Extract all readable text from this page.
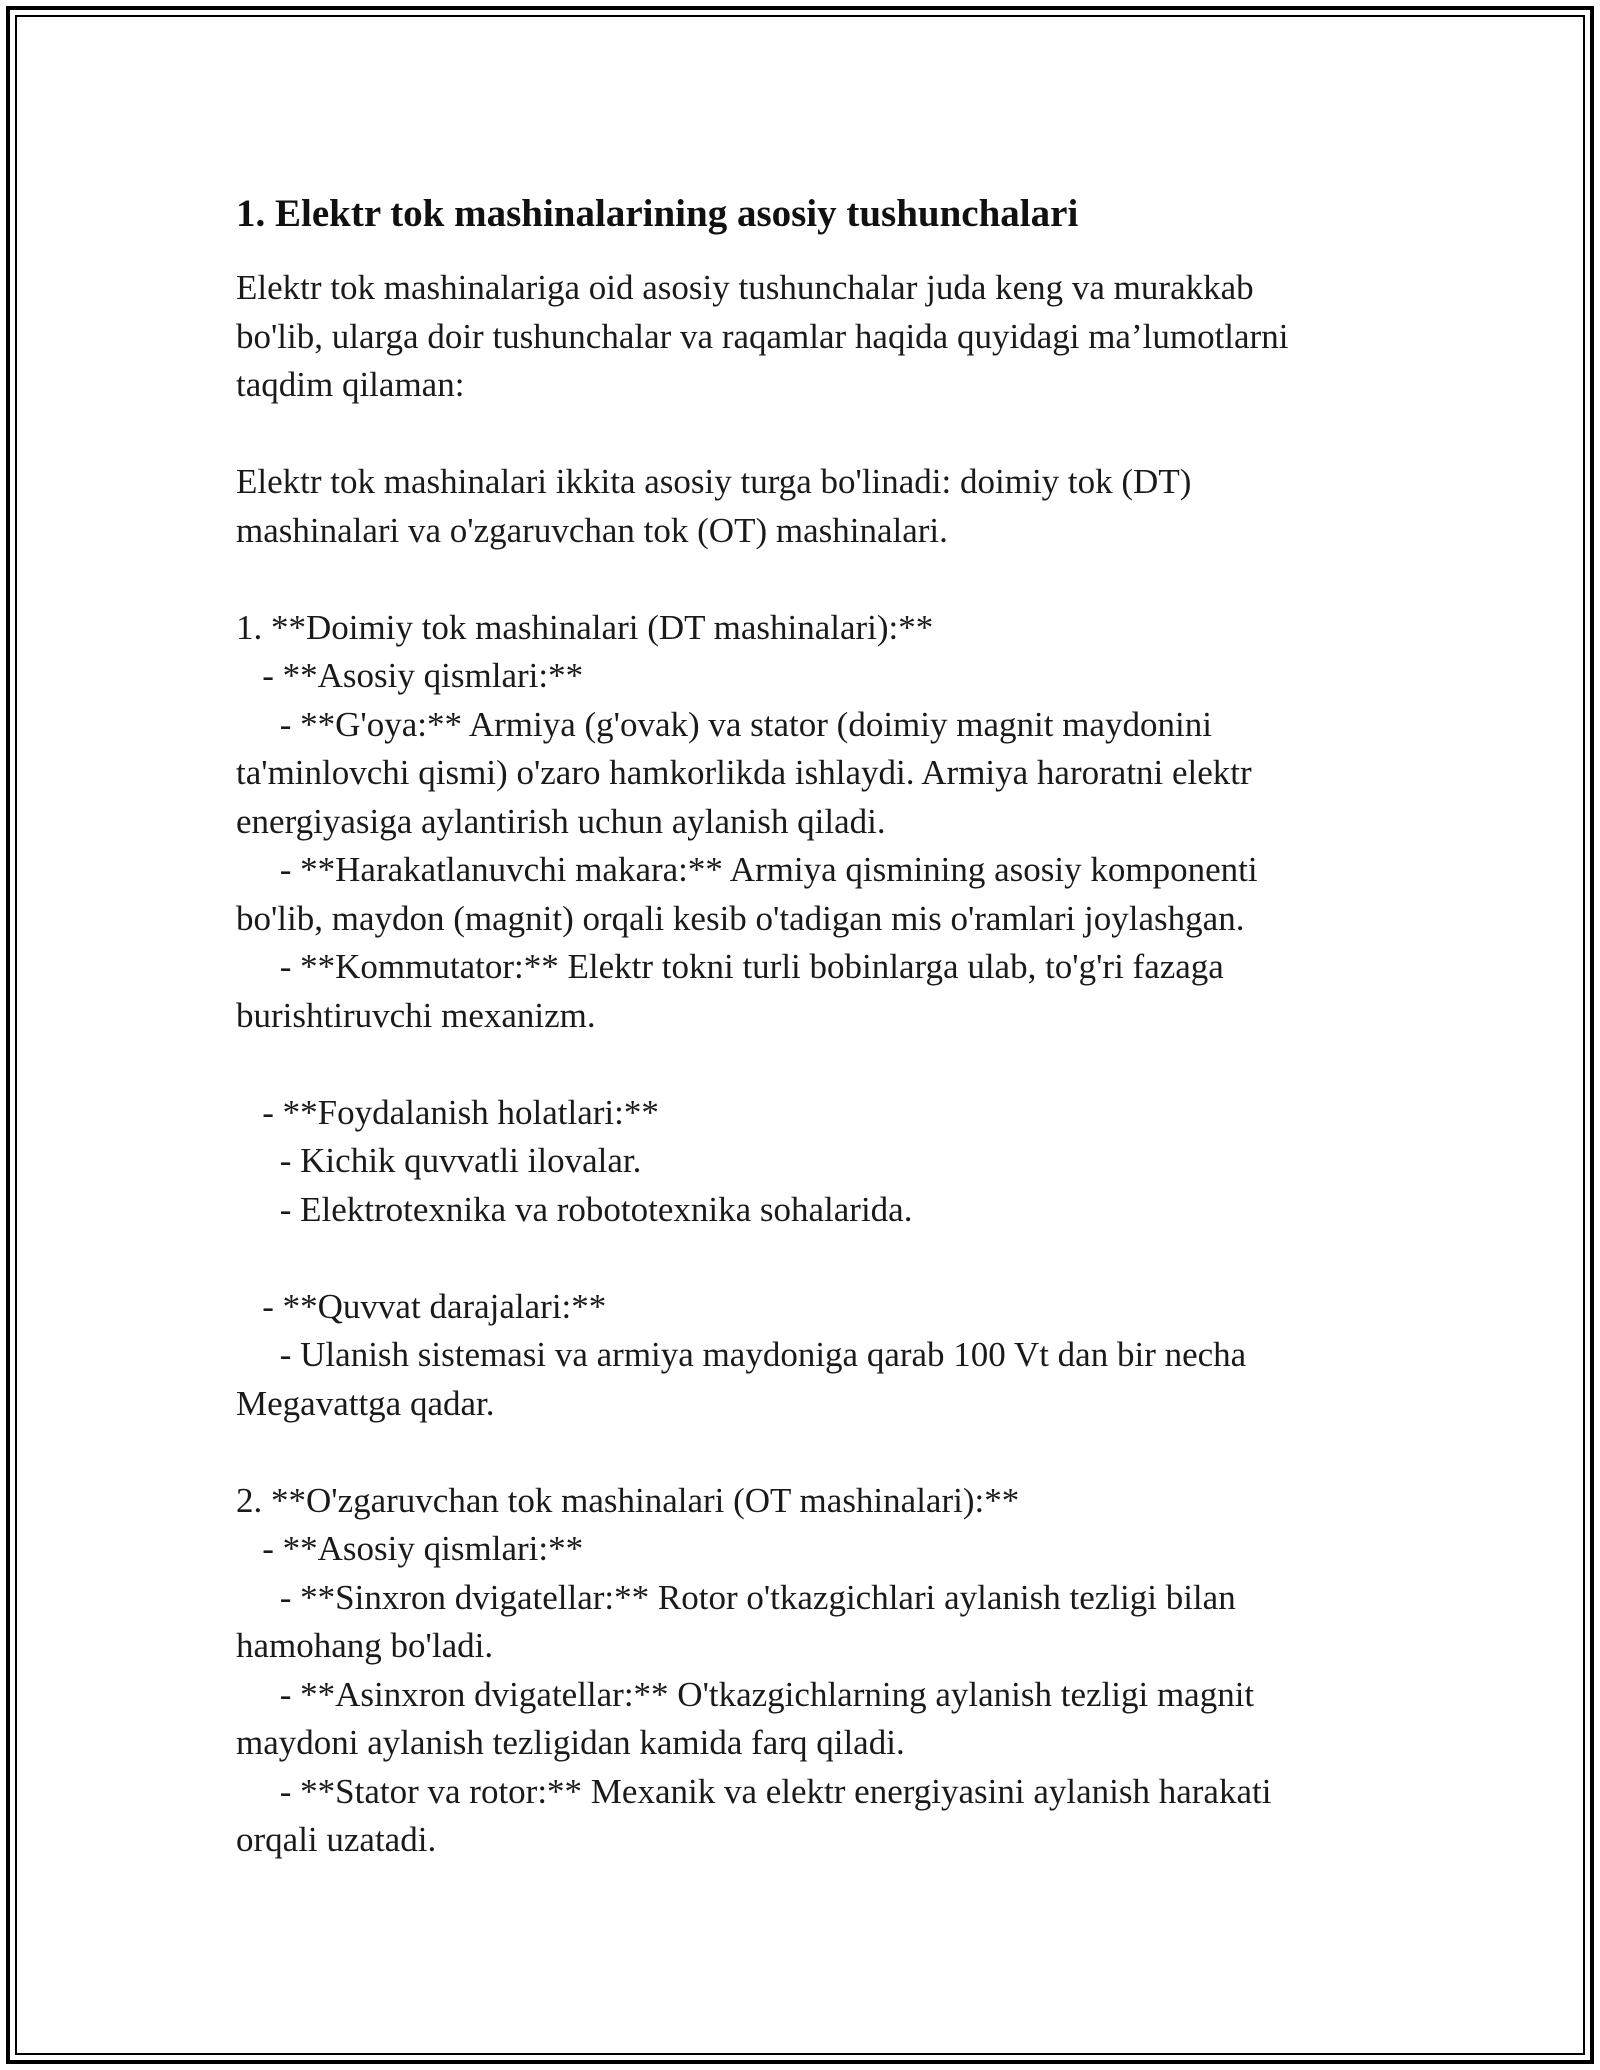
1. Elektr tok mashinalarining asosiy tushunchalari

Elektr tok mashinalariga oid asosiy tushunchalar juda keng va murakkab
bo'lib, ularga doir tushunchalar va raqamlar haqida quyidagi ma’lumotlarni
taqdim qilaman:

Elektr tok mashinalari ikkita asosiy turga bo'linadi: doimiy tok (DT)
mashinalari va o'zgaruvchan tok (OT) mashinalari.

1. **Doimiy tok mashinalari (DT mashinalari):**
- **Asosiy qismlari:**
- **G'oya:** Armiya (g'ovak) va stator (doimiy magnit maydonini
ta'minlovchi qismi) o'zaro hamkorlikda ishlaydi. Armiya haroratni elektr
energiyasiga aylantirish uchun aylanish qiladi.
- **Harakatlanuvchi makara:** Armiya qismining asosiy komponenti
bo'lib, maydon (magnit) orqali kesib o'tadigan mis o'ramlari joylashgan.
- **Kommutator:** Elektr tokni turli bobinlarga ulab, to'g'ri fazaga
burishtiruvchi mexanizm.

- **Foydalanish holatlari:**
- Kichik quvvatli ilovalar.
- Elektrotexnika va robototexnika sohalarida.

- **Quvvat darajalari:**
- Ulanish sistemasi va armiya maydoniga qarab 100 Vt dan bir necha
Megavattga qadar.

2. **O'zgaruvchan tok mashinalari (OT mashinalari):**
- **Asosiy qismlari:**
- **Sinxron dvigatellar:** Rotor o'tkazgichlari aylanish tezligi bilan
hamohang bo'ladi.
- **Asinxron dvigatellar:** O'tkazgichlarning aylanish tezligi magnit
maydoni aylanish tezligidan kamida farq qiladi.
- **Stator va rotor:** Mexanik va elektr energiyasini aylanish harakati
orqali uzatadi.
